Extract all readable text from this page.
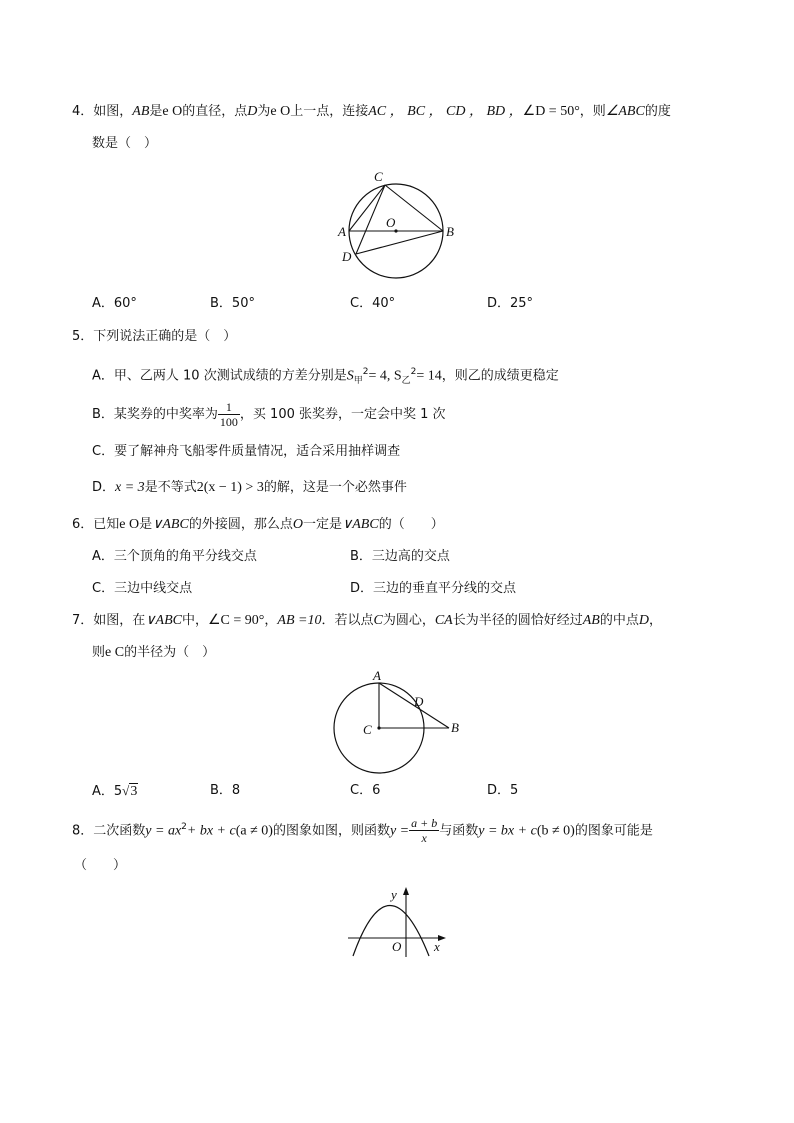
4．如图，AB是e O的直径，点D为e O上一点，连接AC ， BC ， CD ， BD ，∠D = 50°，则∠ABC的度
数是（　）
C
O
A	B
D
A．60°	B．50°	C．40°	D．25°
5．下列说法正确的是（　）
A．甲、乙两人 10 次测试成绩的方差分别是$S_甲^2= 4$, $S_乙^2= 14$，则乙的成绩更稳定
B．某奖券的中奖率为 $\frac{1}{100}$ ，买 100 张奖券，一定会中奖 1 次
C．要了解神舟飞船零件质量情况，适合采用抽样调查
D．x = 3是不等式2(x − 1) > 3的解，这是一个必然事件
6．已知e O是∨ABC的外接圆，那么点O一定是∨ABC的（　　）
A．三个顶角的角平分线交点	B．三边高的交点
C．三边中线交点	D．三边的垂直平分线的交点
7．如图，在∨ABC中，∠C = 90°，AB =10．若以点C为圆心，CA长为半径的圆恰好经过AB的中点D，
则e C的半径为（　）
A
D
C	B
A．5√3	B．8	C．6	D．5
8．二次函数$y = ax^2+$ bx + c(a ≠ 0)的图象如图，则函数$y = \frac{a + b}{x}$ 与函数y = bx + c(b ≠ 0)的图象可能是
（　　）
y
O	x
